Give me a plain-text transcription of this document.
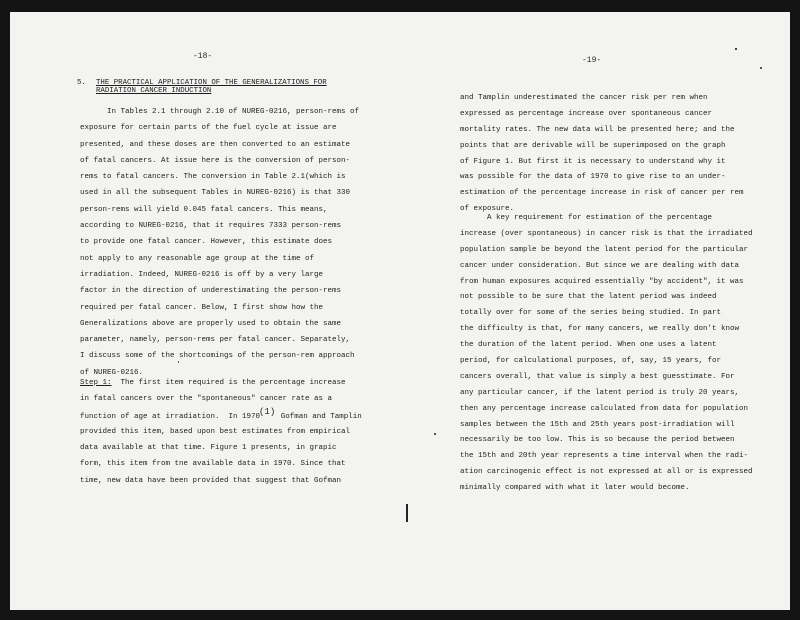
-18-	-19-
5.	THE PRACTICAL APPLICATION OF THE GENERALIZATIONS FOR
RADIATION CANCER INDUCTION
In Tables 2.1 through 2.10 of NUREG-0216, person-rems of
exposure for certain parts of the fuel cycle at issue are
presented, and these doses are then converted to an estimate
of fatal cancers. At issue here is the conversion of person-
rems to fatal cancers. The conversion in Table 2.1(which is
used in all the subsequent Tables in NUREG-0216) is that 330
person-rems will yield 0.045 fatal cancers. This means,
according to NUREG-0216, that it requires 7333 person-rems
to provide one fatal cancer. However, this estimate does
not apply to any reasonable age group at the time of
irradiation. Indeed, NUREG-0216 is off by a very large
factor in the direction of underestimating the person-rems
required per fatal cancer. Below, I first show how the
Generalizations above are properly used to obtain the same
parameter, namely, person-rems per fatal cancer. Separately,
I discuss some of the shortcomings of the person-rem approach
of NUREG-0216.
Step 1:  The first item required is the percentage increase
in fatal cancers over the "spontaneous" cancer rate as a
function of age at irradiation.  In 1970(1) Gofman and Tamplin
provided this item, based upon best estimates from empirical
data available at that time. Figure 1 presents, in grapic
form, this item from tne available data in 1970. Since that
time, new data have been provided that suggest that Gofman
and Tamplin underestimated the cancer risk per rem when
expressed as percentage increase over spontaneous cancer
mortality rates. The new data will be presented here; and the
points that are derivable will be superimposed on the graph
of Figure 1. But first it is necessary to understand why it
was possible for the data of 1970 to give rise to an under-
estimation of the percentage increase in risk of cancer per rem
of exposure.
A key requirement for estimation of the percentage
increase (over spontaneous) in cancer risk is that the irradiated
population sample be beyond the latent period for the particular
cancer under consideration. But since we are dealing with data
from human exposures acquired essentially "by accident", it was
not possible to be sure that the latent period was indeed
totally over for some of the series being studied. In part
the difficulty is that, for many cancers, we really don't know
the duration of the latent period. When one uses a latent
period, for calculational purposes, of, say, 15 years, for
cancers overall, that value is simply a best guesstimate. For
any particular cancer, if the latent period is truly 20 years,
then any percentage increase calculated from data for population
samples between the 15th and 25th years post-irradiation will
necessarily be too low. This is so because the period between
the 15th and 20th year represents a time interval when the radi-
ation carcinogenic effect is not expressed at all or is expressed
minimally compared with what it later would become.
